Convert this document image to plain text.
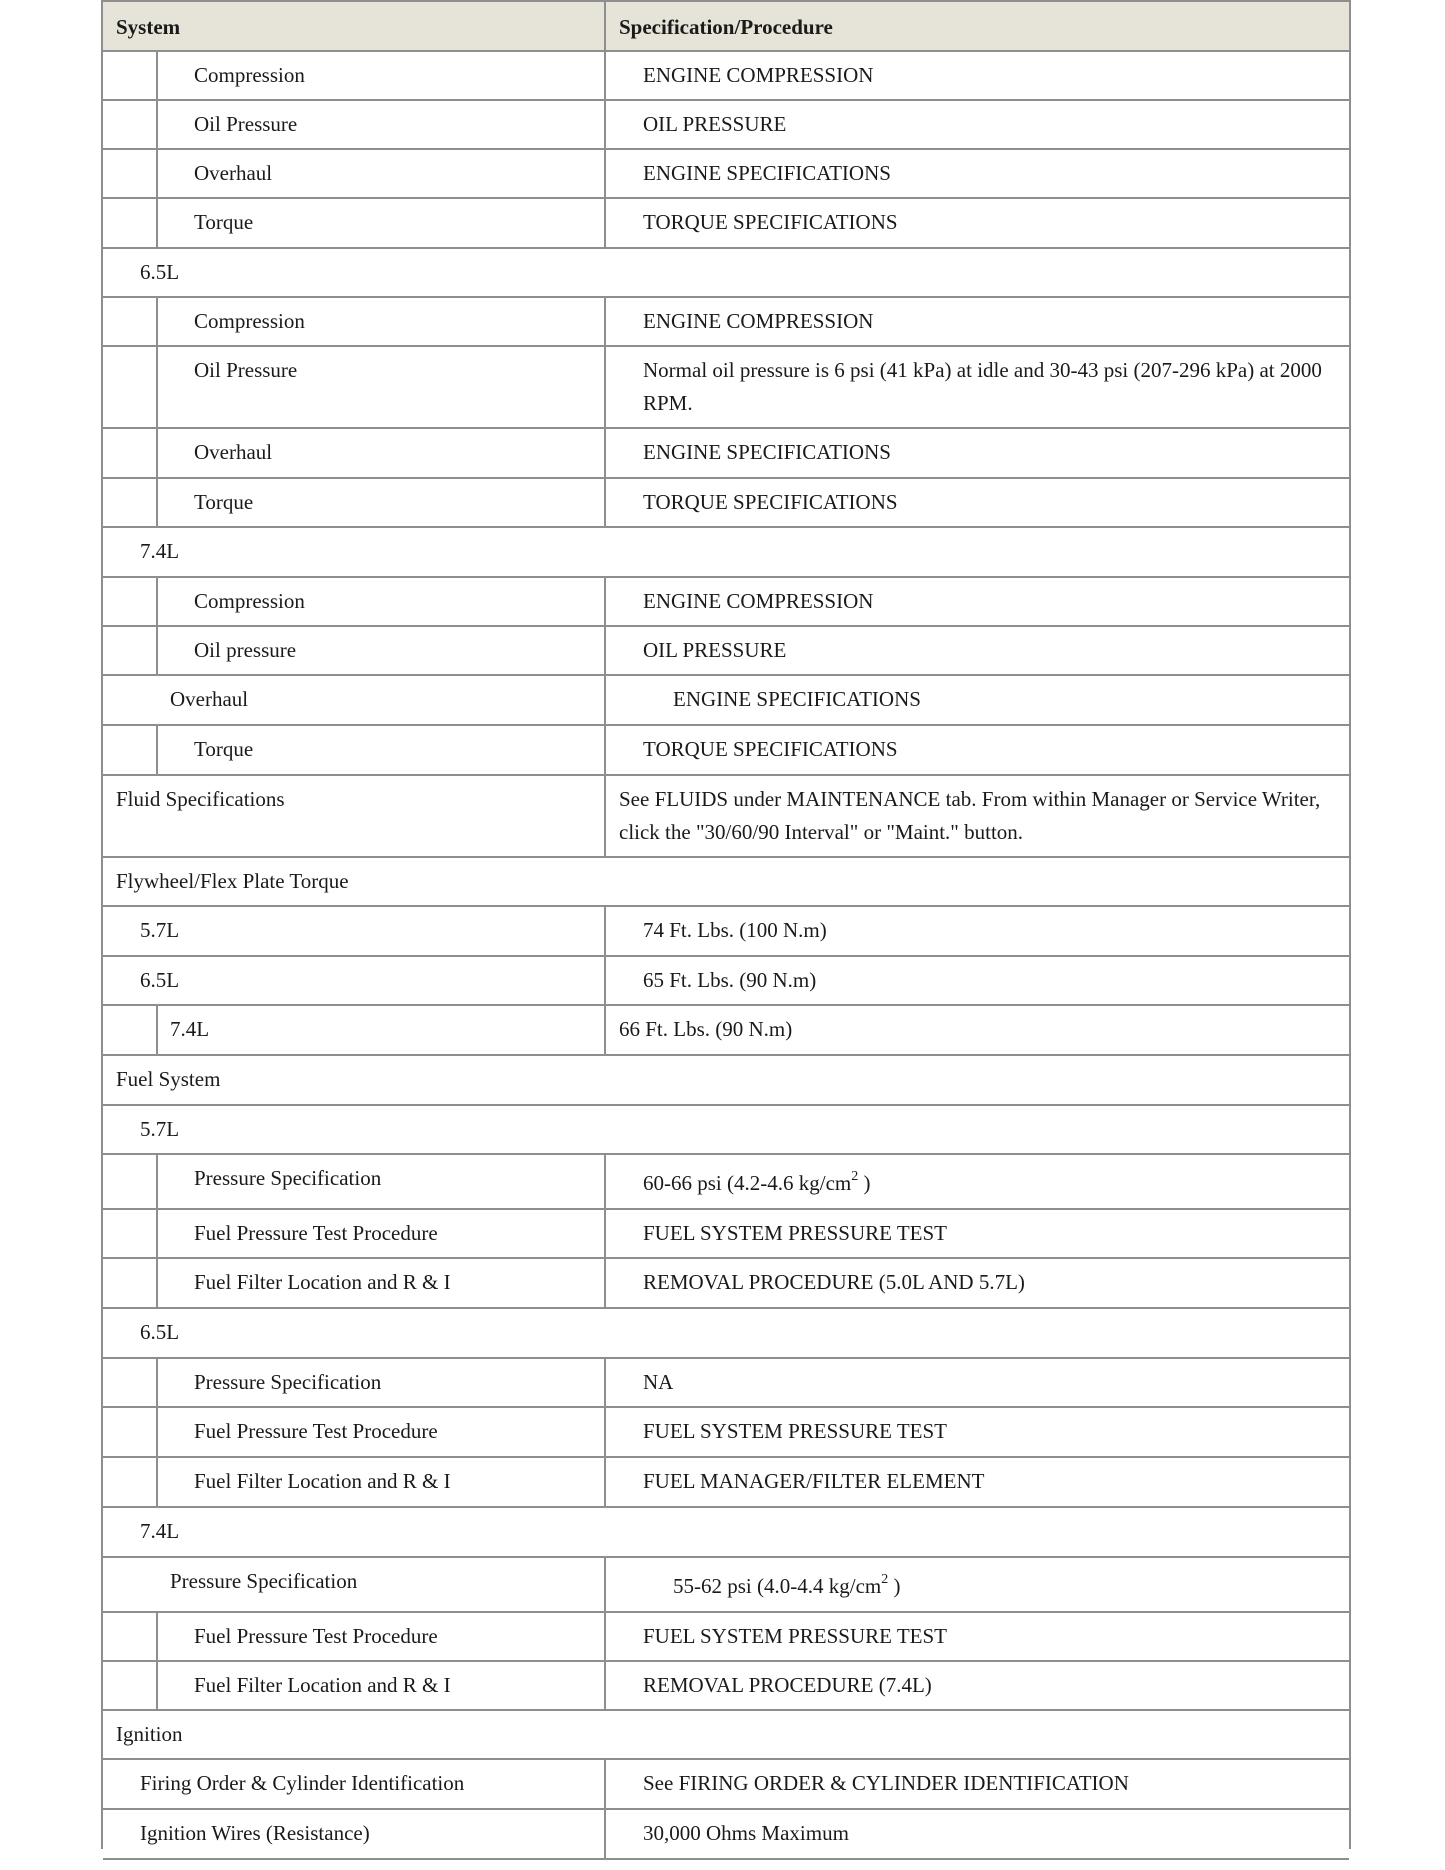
System	Specification/Procedure
Compression	ENGINE COMPRESSION
Oil Pressure	OIL PRESSURE
Overhaul	ENGINE SPECIFICATIONS
Torque	TORQUE SPECIFICATIONS
6.5L
Compression	ENGINE COMPRESSION
Oil Pressure	Normal oil pressure is 6 psi (41 kPa) at idle and 30-43 psi (207-296 kPa) at 2000 RPM.
Overhaul	ENGINE SPECIFICATIONS
Torque	TORQUE SPECIFICATIONS
7.4L
Compression	ENGINE COMPRESSION
Oil pressure	OIL PRESSURE
Overhaul	ENGINE SPECIFICATIONS
Torque	TORQUE SPECIFICATIONS
Fluid Specifications	See FLUIDS under MAINTENANCE tab. From within Manager or Service Writer, click the "30/60/90 Interval" or "Maint." button.
Flywheel/Flex Plate Torque
5.7L	74 Ft. Lbs. (100 N.m)
6.5L	65 Ft. Lbs. (90 N.m)
7.4L	66 Ft. Lbs. (90 N.m)
Fuel System
5.7L
Pressure Specification	60-66 psi (4.2-4.6 $kg/cm^2$ )
Fuel Pressure Test Procedure	FUEL SYSTEM PRESSURE TEST
Fuel Filter Location and R & I	REMOVAL PROCEDURE (5.0L AND 5.7L)
6.5L
Pressure Specification	NA
Fuel Pressure Test Procedure	FUEL SYSTEM PRESSURE TEST
Fuel Filter Location and R & I	FUEL MANAGER/FILTER ELEMENT
7.4L
Pressure Specification	55-62 psi (4.0-4.4 $kg/cm^2$ )
Fuel Pressure Test Procedure	FUEL SYSTEM PRESSURE TEST
Fuel Filter Location and R & I	REMOVAL PROCEDURE (7.4L)
Ignition
Firing Order & Cylinder Identification	See FIRING ORDER & CYLINDER IDENTIFICATION
Ignition Wires (Resistance)	30,000 Ohms Maximum
